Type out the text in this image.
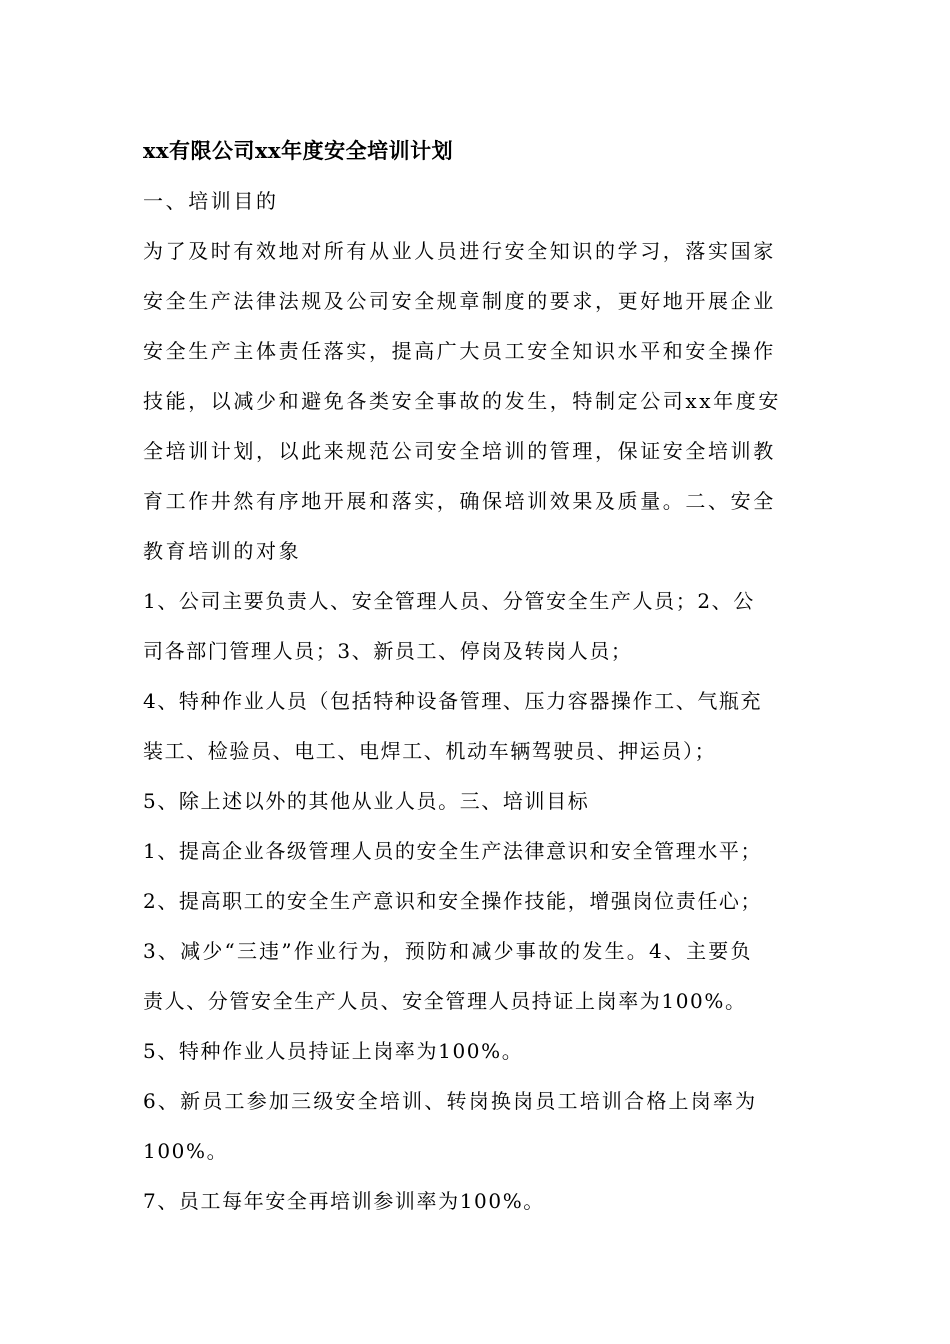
xx有限公司xx年度安全培训计划
一、培训目的
为了及时有效地对所有从业人员进行安全知识的学习，落实国家
安全生产法律法规及公司安全规章制度的要求，更好地开展企业
安全生产主体责任落实，提高广大员工安全知识水平和安全操作
技能，以减少和避免各类安全事故的发生，特制定公司xx年度安
全培训计划，以此来规范公司安全培训的管理，保证安全培训教
育工作井然有序地开展和落实，确保培训效果及质量。二、安全
教育培训的对象
1、公司主要负责人、安全管理人员、分管安全生产人员；2、公
司各部门管理人员；3、新员工、停岗及转岗人员；
4、特种作业人员（包括特种设备管理、压力容器操作工、气瓶充
装工、检验员、电工、电焊工、机动车辆驾驶员、押运员）；
5、除上述以外的其他从业人员。三、培训目标
1、提高企业各级管理人员的安全生产法律意识和安全管理水平；
2、提高职工的安全生产意识和安全操作技能，增强岗位责任心；
3、减少“三违”作业行为，预防和减少事故的发生。4、主要负
责人、分管安全生产人员、安全管理人员持证上岗率为100%。
5、特种作业人员持证上岗率为100%。
6、新员工参加三级安全培训、转岗换岗员工培训合格上岗率为
100%。
7、员工每年安全再培训参训率为100%。
